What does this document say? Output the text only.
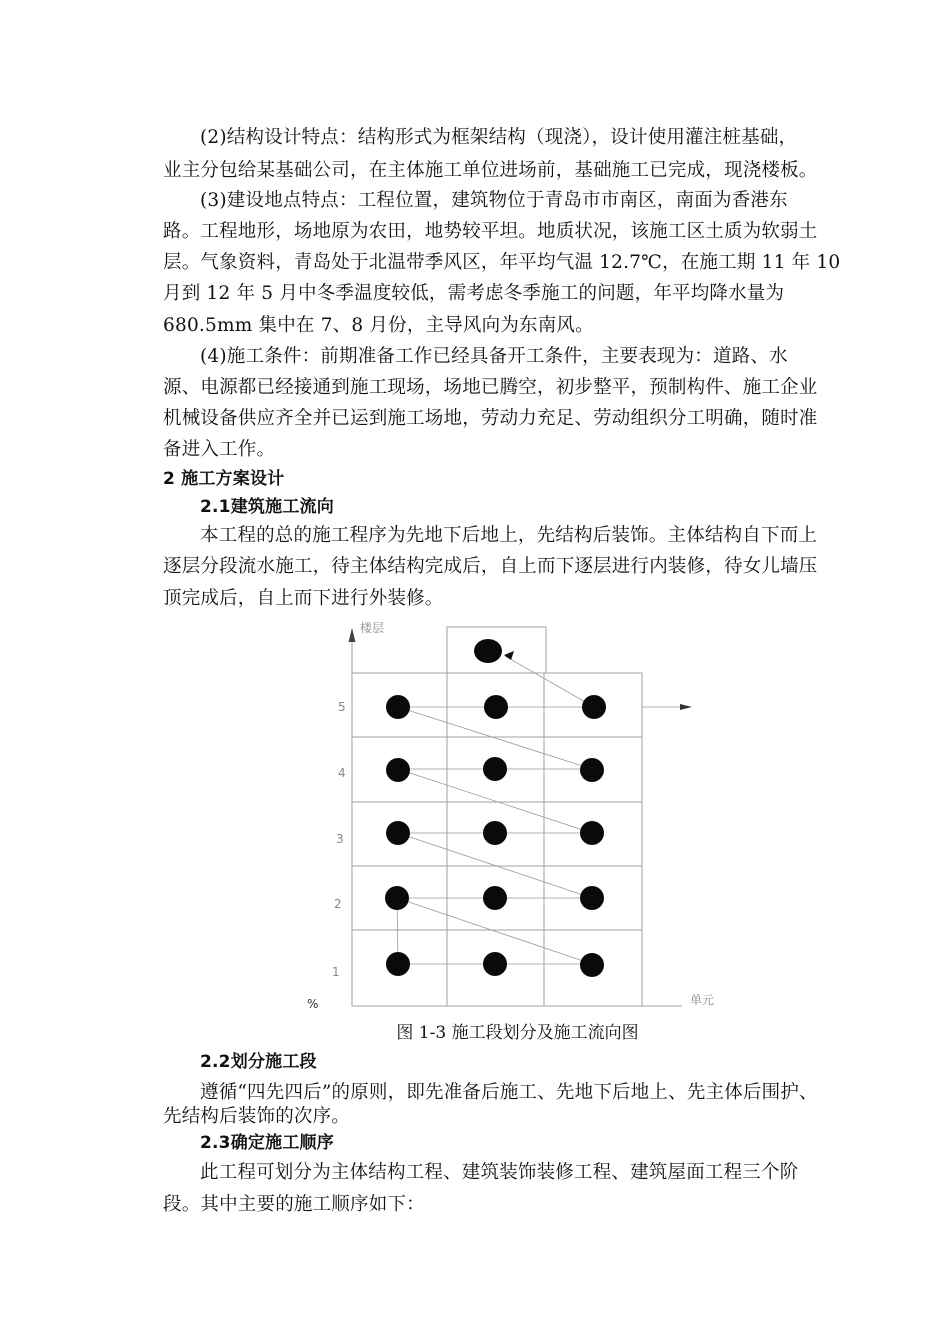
(2)结构设计特点：结构形式为框架结构（现浇），设计使用灌注桩基础，
业主分包给某基础公司，在主体施工单位进场前，基础施工已完成，现浇楼板。
(3)建设地点特点：工程位置，建筑物位于青岛市市南区，南面为香港东
路。工程地形，场地原为农田，地势较平坦。地质状况，该施工区土质为软弱土
层。气象资料，青岛处于北温带季风区，年平均气温 12.7℃，在施工期 11 年 10
月到 12 年 5 月中冬季温度较低，需考虑冬季施工的问题，年平均降水量为
680.5mm 集中在 7、8 月份，主导风向为东南风。
(4)施工条件：前期准备工作已经具备开工条件，主要表现为：道路、水
源、电源都已经接通到施工现场，场地已腾空，初步整平，预制构件、施工企业
机械设备供应齐全并已运到施工场地，劳动力充足、劳动组织分工明确，随时准
备进入工作。
2 施工方案设计
2.1建筑施工流向
本工程的总的施工程序为先地下后地上，先结构后装饰。主体结构自下而上
逐层分段流水施工，待主体结构完成后，自上而下逐层进行内装修，待女儿墙压
顶完成后，自上而下进行外装修。
楼层
单元
%
5
4
3
2
1
图 1-3 施工段划分及施工流向图
2.2划分施工段
遵循“四先四后”的原则，即先准备后施工、先地下后地上、先主体后围护、
先结构后装饰的次序。
2.3确定施工顺序
此工程可划分为主体结构工程、建筑装饰装修工程、建筑屋面工程三个阶
段。其中主要的施工顺序如下：
